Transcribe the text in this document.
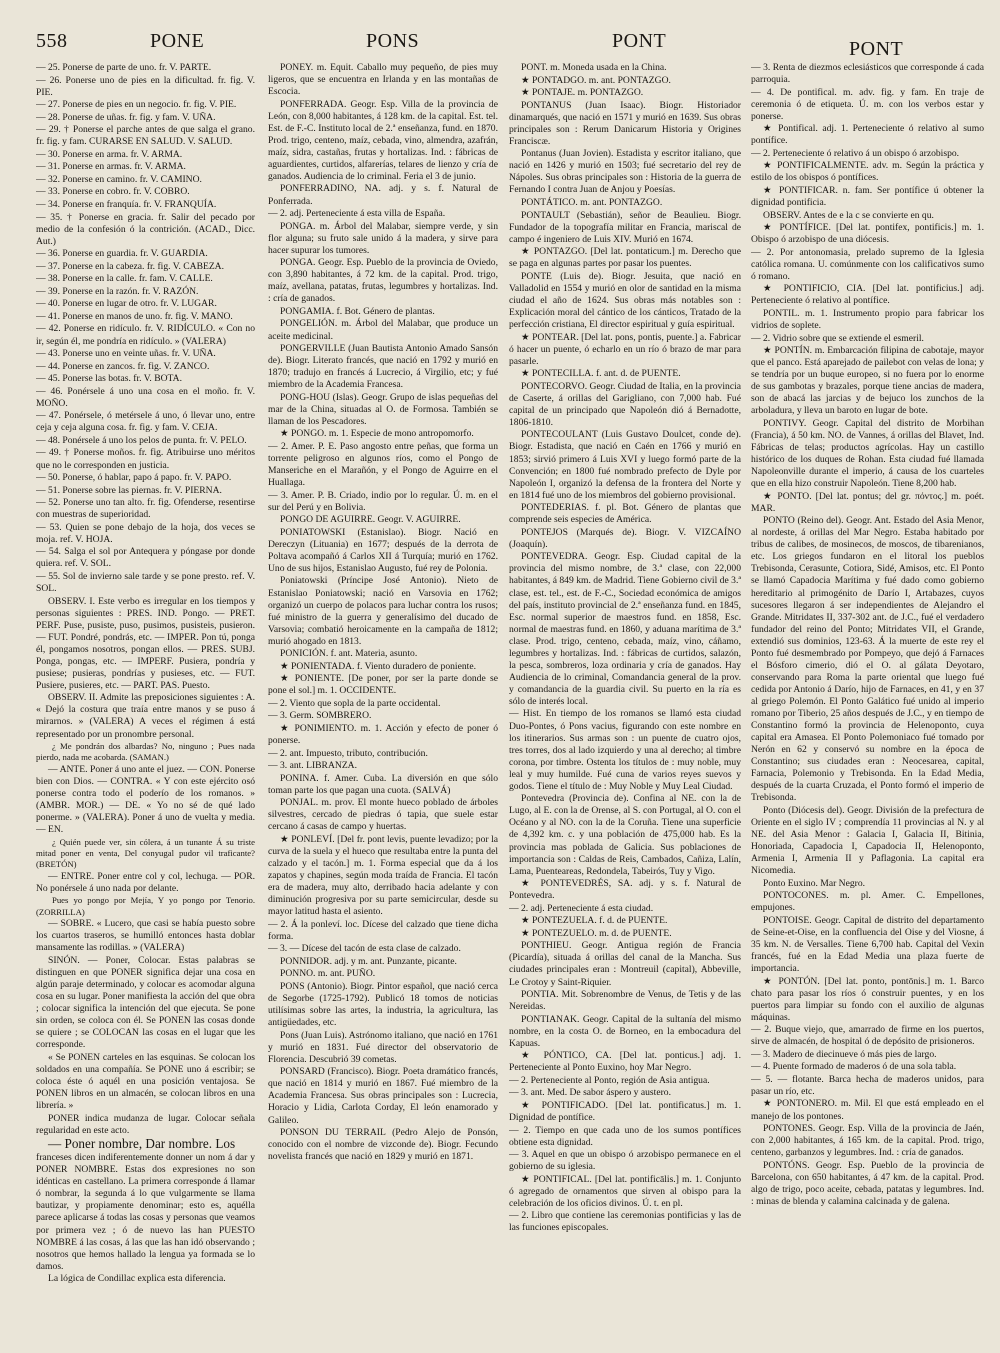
558	PONE	PONS	PONT	PONT

— 25. Ponerse de parte de uno. fr. V. PARTE.

— 26. Ponerse uno de pies en la dificultad. fr. fig. V. PIE.

— 27. Ponerse de pies en un negocio. fr. fig. V. PIE.

— 28. Ponerse de uñas. fr. fig. y fam. V. UÑA.

— 29. † Ponerse el parche antes de que salga el grano. fr. fig. y fam. CURARSE EN SALUD. V. SALUD.

— 30. Ponerse en arma. fr. V. ARMA.

— 31. Ponerse en armas. fr. V. ARMA.

— 32. Ponerse en camino. fr. V. CAMINO.

— 33. Ponerse en cobro. fr. V. COBRO.

— 34. Ponerse en franquía. fr. V. FRANQUÍA.

— 35. † Ponerse en gracia. fr. Salir del pecado por medio de la confesión ó la contrición. (ACAD., Dicc. Aut.)

— 36. Ponerse en guardia. fr. V. GUARDIA.

— 37. Ponerse en la cabeza. fr. fig. V. CABEZA.

— 38. Ponerse en la calle. fr. fam. V. CALLE.

— 39. Ponerse en la razón. fr. V. RAZÓN.

— 40. Ponerse en lugar de otro. fr. V. LUGAR.

— 41. Ponerse en manos de uno. fr. fig. V. MANO.

— 42. Ponerse en ridículo. fr. V. RIDÍCULO. « Con no ir, según él, me pondría en ridículo. » (VALERA)

— 43. Ponerse uno en veinte uñas. fr. V. UÑA.

— 44. Ponerse en zancos. fr. fig. V. ZANCO.

— 45. Ponerse las botas. fr. V. BOTA.

— 46. Ponérsele á uno una cosa en el moño. fr. V. MOÑO.

— 47. Ponérsele, ó metérsele á uno, ó llevar uno, entre ceja y ceja alguna cosa. fr. fig. y fam. V. CEJA.

— 48. Ponérsele á uno los pelos de punta. fr. V. PELO.

— 49. † Ponerse moños. fr. fig. Atribuirse uno méritos que no le corresponden en justicia.

— 50. Ponerse, ó hablar, papo á papo. fr. V. PAPO.

— 51. Ponerse sobre las piernas. fr. V. PIERNA.

— 52. Ponerse uno tan alto. fr. fig. Ofenderse, resentirse con muestras de superioridad.

— 53. Quien se pone debajo de la hoja, dos veces se moja. ref. V. HOJA.

— 54. Salga el sol por Antequera y póngase por donde quiera. ref. V. SOL.

— 55. Sol de invierno sale tarde y se pone presto. ref. V. SOL.

OBSERV. I. Este verbo es irregular en los tiempos y personas siguientes : PRES. IND. Pongo. — PRET. PERF. Puse, pusiste, puso, pusimos, pusisteis, pusieron. — FUT. Pondré, pondrás, etc. — IMPER. Pon tú, ponga él, pongamos nosotros, pongan ellos. — PRES. SUBJ. Ponga, pongas, etc. — IMPERF. Pusiera, pondría y pusiese; pusieras, pondrías y pusieses, etc. — FUT. Pusiere, pusieres, etc. — PART. PAS. Puesto.

OBSERV. II. Admite las preposiciones siguientes : A. « Dejó la costura que traía entre manos y se puso á mirarnos. » (VALERA) A veces el régimen á está representado por un pronombre personal.

¿ Me pondrán dos albardas? No, ninguno ; Pues nada pierdo, nada me acobarda. (SAMAN.)

— ANTE. Poner á uno ante el juez. — CON. Ponerse bien con Dios. — CONTRA. « Y con este ejército osó ponerse contra todo el poderío de los romanos. » (AMBR. MOR.) — DE. « Yo no sé de qué lado ponerme. » (VALERA). Poner á uno de vuelta y media. — EN.

¿ Quién puede ver, sin cólera, á un tunante Á su triste mitad poner en venta, Del conyugal pudor vil traficante? (BRETÓN)

— ENTRE. Poner entre col y col, lechuga. — POR. No ponérsele á uno nada por delante.

Pues yo pongo por Mejía, Y yo pongo por Tenorio. (ZORRILLA)

— SOBRE. « Lucero, que casi se había puesto sobre los cuartos traseros, se humilló entonces hasta doblar mansamente las rodillas. » (VALERA)

SINÓN. — Poner, Colocar. Estas palabras se distinguen en que PONER significa dejar una cosa en algún paraje determinado, y colocar es acomodar alguna cosa en su lugar. Poner manifiesta la acción del que obra ; colocar significa la intención del que ejecuta. Se pone sin orden, se coloca con él. Se PONEN las cosas donde se quiere ; se COLOCAN las cosas en el lugar que les corresponde.

« Se PONEN carteles en las esquinas. Se colocan los soldados en una compañía. Se PONE uno á escribir; se coloca éste ó aquél en una posición ventajosa. Se PONEN libros en un almacén, se colocan libros en una librería. »

PONER indica mudanza de lugar. Colocar señala regularidad en este acto.

— Poner nombre, Dar nombre. Los

franceses dicen indiferentemente donner un nom á dar y PONER NOMBRE. Estas dos expresiones no son idénticas en castellano. La primera corresponde á llamar ó nombrar, la segunda á lo que vulgarmente se llama bautizar, y propiamente denominar; esto es, aquélla parece aplicarse á todas las cosas y personas que veamos por primera vez ; ó de nuevo las han PUESTO NOMBRE á las cosas, á las que las han idó observando ; nosotros que hemos hallado la lengua ya formada se lo damos.

La lógica de Condillac explica esta diferencia.

PONEY. m. Equit. Caballo muy pequeño, de pies muy ligeros, que se encuentra en Irlanda y en las montañas de Escocia.

PONFERRADA. Geogr. Esp. Villa de la provincia de León, con 8,000 habitantes, á 128 km. de la capital. Est. tel. Est. de F.-C. Instituto local de 2.ª enseñanza, fund. en 1870. Prod. trigo, centeno, maíz, cebada, vino, almendra, azafrán, maíz, sidra, castañas, frutas y hortalizas. Ind. : fábricas de aguardientes, curtidos, alfarerías, telares de lienzo y cría de ganados. Audiencia de lo criminal. Feria el 3 de junio.

PONFERRADINO, NA. adj. y s. f. Natural de Ponferrada.

— 2. adj. Perteneciente á esta villa de España.

PONGA. m. Árbol del Malabar, siempre verde, y sin flor alguna; su fruto sale unido á la madera, y sirve para hacer supurar los tumores.

PONGA. Geogr. Esp. Pueblo de la provincia de Oviedo, con 3,890 habitantes, á 72 km. de la capital. Prod. trigo, maíz, avellana, patatas, frutas, legumbres y hortalizas. Ind. : cría de ganados.

PONGAMIA. f. Bot. Género de plantas.

PONGELIÓN. m. Árbol del Malabar, que produce un aceite medicinal.

PONGERVILLE (Juan Bautista Antonio Amado Sansón de). Biogr. Literato francés, que nació en 1792 y murió en 1870; tradujo en francés á Lucrecio, á Virgilio, etc; y fué miembro de la Academia Francesa.

PONG-HOU (Islas). Geogr. Grupo de islas pequeñas del mar de la China, situadas al O. de Formosa. También se llaman de los Pescadores.

★ PONGO. m. 1. Especie de mono antropomorfo.

— 2. Amer. P. E. Paso angosto entre peñas, que forma un torrente peligroso en algunos ríos, como el Pongo de Manseriche en el Marañón, y el Pongo de Aguirre en el Huallaga.

— 3. Amer. P. B. Criado, indio por lo regular. Ú. m. en el sur del Perú y en Bolivia.

PONGO DE AGUIRRE. Geogr. V. AGUIRRE.

PONIATOWSKI (Estanislao). Biogr. Nació en Dereczyn (Lituania) en 1677; después de la derrota de Poltava acompañó á Carlos XII á Turquía; murió en 1762. Uno de sus hijos, Estanislao Augusto, fué rey de Polonia.

Poniatowski (Príncipe José Antonio). Nieto de Estanislao Poniatowski; nació en Varsovia en 1762; organizó un cuerpo de polacos para luchar contra los rusos; fué ministro de la guerra y generalísimo del ducado de Varsovia; combatió heroicamente en la campaña de 1812; murió ahogado en 1813.

PONICIÓN. f. ant. Materia, asunto.

★ PONIENTADA. f. Viento duradero de poniente.

★ PONIENTE. [De poner, por ser la parte donde se pone el sol.] m. 1. OCCIDENTE.

— 2. Viento que sopla de la parte occidental.

— 3. Germ. SOMBRERO.

★ PONIMIENTO. m. 1. Acción y efecto de poner ó ponerse.

— 2. ant. Impuesto, tributo, contribución.

— 3. ant. LIBRANZA.

PONINA. f. Amer. Cuba. La diversión en que sólo toman parte los que pagan una cuota. (SALVÁ)

PONJAL. m. prov. El monte hueco poblado de árboles silvestres, cercado de piedras ó tapia, que suele estar cercano á casas de campo y huertas.

★ PONLEVÍ. [Del fr. pont levis, puente levadizo; por la curva de la suela y el hueco que resultaba entre la punta del calzado y el tacón.] m. 1. Forma especial que da á los zapatos y chapines, según moda traída de Francia. El tacón era de madera, muy alto, derribado hacia adelante y con diminución progresiva por su parte semicircular, desde su mayor latitud hasta el asiento.

— 2. Á la ponleví. loc. Dícese del calzado que tiene dicha forma.

— 3. — Dícese del tacón de esta clase de calzado.

PONNIDOR. adj. y m. ant. Punzante, picante.

PONNO. m. ant. PUÑO.

PONS (Antonio). Biogr. Pintor español, que nació cerca de Segorbe (1725-1792). Publicó 18 tomos de noticias utilísimas sobre las artes, la industria, la agricultura, las antigüedades, etc.

Pons (Juan Luis). Astrónomo italiano, que nació en 1761 y murió en 1831. Fué director del observatorio de Florencia. Descubrió 39 cometas.

PONSARD (Francisco). Biogr. Poeta dramático francés, que nació en 1814 y murió en 1867. Fué miembro de la Academia Francesa. Sus obras principales son : Lucrecia, Horacio y Lidia, Carlota Corday, El león enamorado y Galileo.

PONSON DU TERRAIL (Pedro Alejo de Ponsón, conocido con el nombre de vizconde de). Biogr. Fecundo novelista francés que nació en 1829 y murió en 1871.

PONT. m. Moneda usada en la China.

★ PONTADGO. m. ant. PONTAZGO.

★ PONTAJE. m. PONTAZGO.

PONTANUS (Juan Isaac). Biogr. Historiador dinamarqués, que nació en 1571 y murió en 1639. Sus obras principales son : Rerum Danicarum Historia y Origines Franciscæ.

Pontanus (Juan Jovien). Estadista y escritor italiano, que nació en 1426 y murió en 1503; fué secretario del rey de Nápoles. Sus obras principales son : Historia de la guerra de Fernando I contra Juan de Anjou y Poesías.

PONTÁTICO. m. ant. PONTAZGO.

PONTAULT (Sebastián), señor de Beaulieu. Biogr. Fundador de la topografía militar en Francia, mariscal de campo é ingeniero de Luis XIV. Murió en 1674.

★ PONTAZGO. [Del lat. pontaticum.] m. Derecho que se paga en algunas partes por pasar los puentes.

PONTE (Luis de). Biogr. Jesuita, que nació en Valladolid en 1554 y murió en olor de santidad en la misma ciudad el año de 1624. Sus obras más notables son : Explicación moral del cántico de los cánticos, Tratado de la perfección cristiana, El director espiritual y guía espiritual.

★ PONTEAR. [Del lat. pons, pontis, puente.] a. Fabricar ó hacer un puente, ó echarlo en un río ó brazo de mar para pasarle.

★ PONTECILLA. f. ant. d. de PUENTE.

PONTECORVO. Geogr. Ciudad de Italia, en la provincia de Caserte, á orillas del Garigliano, con 7,000 hab. Fué capital de un principado que Napoleón dió á Bernadotte, 1806-1810.

PONTECOULANT (Luis Gustavo Doulcet, conde de). Biogr. Estadista, que nació en Caén en 1766 y murió en 1853; sirvió primero á Luis XVI y luego formó parte de la Convención; en 1800 fué nombrado prefecto de Dyle por Napoleón I, organizó la defensa de la frontera del Norte y en 1814 fué uno de los miembros del gobierno provisional.

PONTEDERIAS. f. pl. Bot. Género de plantas que comprende seis especies de América.

PONTEJOS (Marqués de). Biogr. V. VIZCAÍNO (Joaquín).

PONTEVEDRA. Geogr. Esp. Ciudad capital de la provincia del mismo nombre, de 3.ª clase, con 22,000 habitantes, á 849 km. de Madrid. Tiene Gobierno civil de 3.ª clase, est. tel., est. de F.-C., Sociedad económica de amigos del país, instituto provincial de 2.ª enseñanza fund. en 1845, Esc. normal superior de maestros fund. en 1858, Esc. normal de maestras fund. en 1860, y aduana marítima de 3.ª clase. Prod. trigo, centeno, cebada, maíz, vino, cáñamo, legumbres y hortalizas. Ind. : fábricas de curtidos, salazón, la pesca, sombreros, loza ordinaria y cría de ganados. Hay Audiencia de lo criminal, Comandancia general de la prov. y comandancia de la guardia civil. Su puerto en la ría es sólo de interés local.

— Hist. En tiempo de los romanos se llamó esta ciudad Duo-Pontes, ó Pons vacius, figurando con este nombre en los itinerarios. Sus armas son : un puente de cuatro ojos, tres torres, dos al lado izquierdo y una al derecho; al timbre corona, por timbre. Ostenta los títulos de : muy noble, muy leal y muy humilde. Fué cuna de varios reyes suevos y godos. Tiene el título de : Muy Noble y Muy Leal Ciudad.

Pontevedra (Provincia de). Confina al NE. con la de Lugo, al E. con la de Orense, al S. con Portugal, al O. con el Océano y al NO. con la de la Coruña. Tiene una superficie de 4,392 km. c. y una población de 475,000 hab. Es la provincia mas poblada de Galicia. Sus poblaciones de importancia son : Caldas de Reis, Cambados, Cañiza, Lalín, Lama, Puenteareas, Redondela, Tabeirós, Tuy y Vigo.

★ PONTEVEDRÉS, SA. adj. y s. f. Natural de Pontevedra.

— 2. adj. Perteneciente á esta ciudad.

★ PONTEZUELA. f. d. de PUENTE.

★ PONTEZUELO. m. d. de PUENTE.

PONTHIEU. Geogr. Antigua región de Francia (Picardía), situada á orillas del canal de la Mancha. Sus ciudades principales eran : Montreuil (capital), Abbeville, Le Crotoy y Saint-Riquier.

PONTIA. Mit. Sobrenombre de Venus, de Tetis y de las Nereidas.

PONTIANAK. Geogr. Capital de la sultanía del mismo nombre, en la costa O. de Borneo, en la embocadura del Kapuas.

★ PÓNTICO, CA. [Del lat. ponticus.] adj. 1. Perteneciente al Ponto Euxino, hoy Mar Negro.

— 2. Perteneciente al Ponto, región de Asia antigua.

— 3. ant. Med. De sabor áspero y austero.

★ PONTIFICADO. [Del lat. pontificatus.] m. 1. Dignidad de pontífice.

— 2. Tiempo en que cada uno de los sumos pontífices obtiene esta dignidad.

— 3. Aquel en que un obispo ó arzobispo permanece en el gobierno de su iglesia.

★ PONTIFICAL. [Del lat. pontificālis.] m. 1. Conjunto ó agregado de ornamentos que sirven al obispo para la celebración de los oficios divinos. Ú. t. en pl.

— 2. Libro que contiene las ceremonias pontificias y las de las funciones episcopales.

— 3. Renta de diezmos eclesiásticos que corresponde á cada parroquia.

— 4. De pontifical. m. adv. fig. y fam. En traje de ceremonia ó de etiqueta. Ú. m. con los verbos estar y ponerse.

★ Pontifical. adj. 1. Perteneciente ó relativo al sumo pontífice.

— 2. Perteneciente ó relativo á un obispo ó arzobispo.

★ PONTIFICALMENTE. adv. m. Según la práctica y estilo de los obispos ó pontífices.

★ PONTIFICAR. n. fam. Ser pontífice ú obtener la dignidad pontificia.

OBSERV. Antes de e la c se convierte en qu.

★ PONTÍFICE. [Del lat. pontifex, pontificis.] m. 1. Obispo ó arzobispo de una diócesis.

— 2. Por antonomasia, prelado supremo de la Iglesia católica romana. U. comúnmente con los calificativos sumo ó romano.

★ PONTIFICIO, CIA. [Del lat. pontificius.] adj. Perteneciente ó relativo al pontífice.

PONTIL. m. 1. Instrumento propio para fabricar los vidrios de soplete.

— 2. Vidrio sobre que se extiende el esmeril.

★ PONTÍN. m. Embarcación filipina de cabotaje, mayor que el panco. Está aparejado de pailebot con velas de lona; y se tendría por un buque europeo, si no fuera por lo enorme de sus gambotas y brazales, porque tiene ancias de madera, son de abacá las jarcias y de bejuco los zunchos de la arboladura, y lleva un baroto en lugar de bote.

PONTIVY. Geogr. Capital del distrito de Morbihan (Francia), á 50 km. NO. de Vannes, á orillas del Blavet, Ind. Fábricas de telas; productos agrícolas. Hay un castillo histórico de los duques de Rohan. Esta ciudad fué llamada Napoleonville durante el imperio, á causa de los cuarteles que en ella hizo construir Napoleón. Tiene 8,200 hab.

★ PONTO. [Del lat. pontus; del gr. πόντος.] m. poét. MAR.

PONTO (Reino del). Geogr. Ant. Estado del Asia Menor, al nordeste, á orillas del Mar Negro. Estaba habitado por tribus de calibes, de mosinecos, de moscos, de tibarenianos, etc. Los griegos fundaron en el litoral los pueblos Trebisonda, Cerasunte, Cotiora, Sidé, Amisos, etc. El Ponto se llamó Capadocia Marítima y fué dado como gobierno hereditario al primogénito de Darío I, Artabazes, cuyos sucesores llegaron á ser independientes de Alejandro el Grande. Mitridates II, 337-302 ant. de J.C., fué el verdadero fundador del reino del Ponto; Mitridates VII, el Grande, extendió sus dominios, 123-63. Á la muerte de este rey el Ponto fué desmembrado por Pompeyo, que dejó á Farnaces el Bósforo cimerio, dió el O. al gálata Deyotaro, conservando para Roma la parte oriental que luego fué cedida por Antonio á Darío, hijo de Farnaces, en 41, y en 37 al griego Polemón. El Ponto Galático fué unido al imperio romano por Tiberio, 25 años después de J.C., y en tiempo de Constantino formó la provincia de Helenoponto, cuya capital era Amasea. El Ponto Polemoniaco fué tomado por Nerón en 62 y conservó su nombre en la época de Constantino; sus ciudades eran : Neocesarea, capital, Farnacia, Polemonio y Trebisonda. En la Edad Media, después de la cuarta Cruzada, el Ponto formó el imperio de Trebisonda.

Ponto (Diócesis del). Geogr. División de la prefectura de Oriente en el siglo IV ; comprendía 11 provincias al N. y al NE. del Asia Menor : Galacia I, Galacia II, Bitinia, Honoriada, Capadocia I, Capadocia II, Helenoponto, Armenia I, Armenia II y Paflagonia. La capital era Nicomedia.

Ponto Euxino. Mar Negro.

PONTOCONES. m. pl. Amer. C. Empellones, empujones.

PONTOISE. Geogr. Capital de distrito del departamento de Seine-et-Oise, en la confluencia del Oise y del Viosne, á 35 km. N. de Versalles. Tiene 6,700 hab. Capital del Vexin francés, fué en la Edad Media una plaza fuerte de importancia.

★ PONTÓN. [Del lat. ponto, pontōnis.] m. 1. Barco chato para pasar los ríos ó construir puentes, y en los puertos para limpiar su fondo con el auxilio de algunas máquinas.

— 2. Buque viejo, que, amarrado de firme en los puertos, sirve de almacén, de hospital ó de depósito de prisioneros.

— 3. Madero de diecinueve ó más pies de largo.

— 4. Puente formado de maderos ó de una sola tabla.

— 5. — flotante. Barca hecha de maderos unidos, para pasar un río, etc.

★ PONTONERO. m. Mil. El que está empleado en el manejo de los pontones.

PONTONES. Geogr. Esp. Villa de la provincia de Jaén, con 2,000 habitantes, á 165 km. de la capital. Prod. trigo, centeno, garbanzos y legumbres. Ind. : cría de ganados.

PONTÓNS. Geogr. Esp. Pueblo de la provincia de Barcelona, con 650 habitantes, á 47 km. de la capital. Prod. algo de trigo, poco aceite, cebada, patatas y legumbres. Ind. : minas de blenda y calamina calcinada y de galena.
